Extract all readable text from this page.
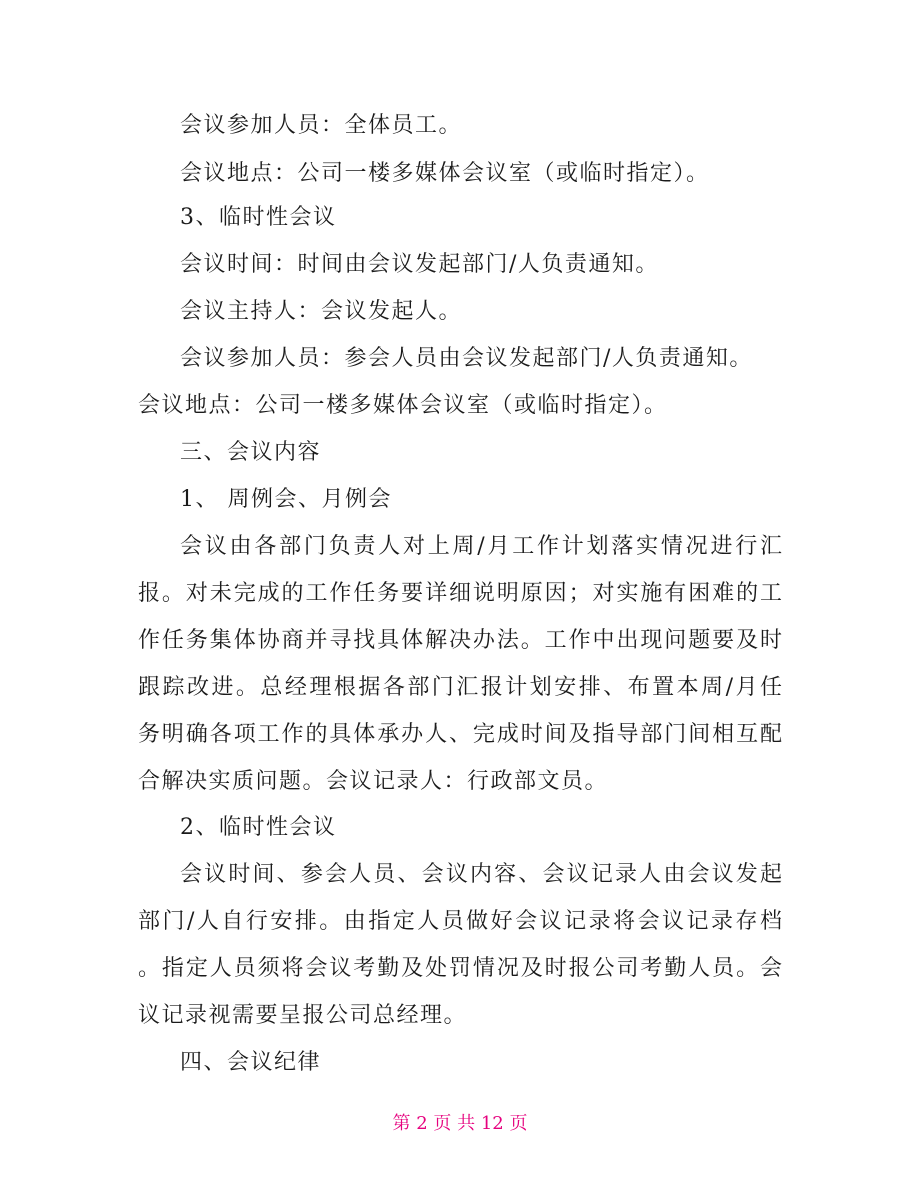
会议参加人员：全体员工。
会议地点：公司一楼多媒体会议室（或临时指定）。
3、临时性会议
会议时间：时间由会议发起部门/人负责通知。
会议主持人：会议发起人。
会议参加人员：参会人员由会议发起部门/人负责通知。
会议地点：公司一楼多媒体会议室（或临时指定）。
三、会议内容
1、 周例会、月例会
会议由各部门负责人对上周/月工作计划落实情况进行汇
报。对未完成的工作任务要详细说明原因；对实施有困难的工
作任务集体协商并寻找具体解决办法。工作中出现问题要及时
跟踪改进。总经理根据各部门汇报计划安排、布置本周/月任
务明确各项工作的具体承办人、完成时间及指导部门间相互配
合解决实质问题。会议记录人：行政部文员。
2、临时性会议
会议时间、参会人员、会议内容、会议记录人由会议发起
部门/人自行安排。由指定人员做好会议记录将会议记录存档
。指定人员须将会议考勤及处罚情况及时报公司考勤人员。会
议记录视需要呈报公司总经理。
四、会议纪律
第 2 页 共 12 页
